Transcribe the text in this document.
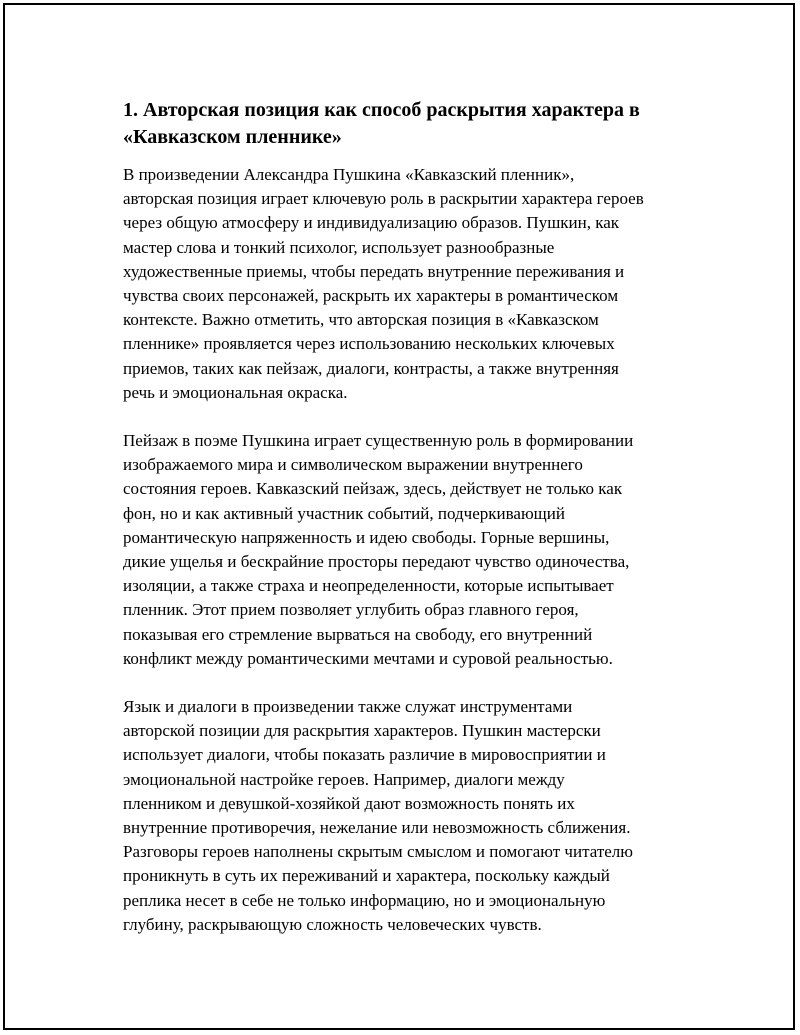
1. Авторская позиция как способ раскрытия характера в
«Кавказском пленнике»

В произведении Александра Пушкина «Кавказский пленник»,
авторская позиция играет ключевую роль в раскрытии характера героев
через общую атмосферу и индивидуализацию образов. Пушкин, как
мастер слова и тонкий психолог, использует разнообразные
художественные приемы, чтобы передать внутренние переживания и
чувства своих персонажей, раскрыть их характеры в романтическом
контексте. Важно отметить, что авторская позиция в «Кавказском
пленнике» проявляется через использованию нескольких ключевых
приемов, таких как пейзаж, диалоги, контрасты, а также внутренняя
речь и эмоциональная окраска.

Пейзаж в поэме Пушкина играет существенную роль в формировании
изображаемого мира и символическом выражении внутреннего
состояния героев. Кавказский пейзаж, здесь, действует не только как
фон, но и как активный участник событий, подчеркивающий
романтическую напряженность и идею свободы. Горные вершины,
дикие ущелья и бескрайние просторы передают чувство одиночества,
изоляции, а также страха и неопределенности, которые испытывает
пленник. Этот прием позволяет углубить образ главного героя,
показывая его стремление вырваться на свободу, его внутренний
конфликт между романтическими мечтами и суровой реальностью.

Язык и диалоги в произведении также служат инструментами
авторской позиции для раскрытия характеров. Пушкин мастерски
использует диалоги, чтобы показать различие в мировосприятии и
эмоциональной настройке героев. Например, диалоги между
пленником и девушкой-хозяйкой дают возможность понять их
внутренние противоречия, нежелание или невозможность сближения.
Разговоры героев наполнены скрытым смыслом и помогают читателю
проникнуть в суть их переживаний и характера, поскольку каждый
реплика несет в себе не только информацию, но и эмоциональную
глубину, раскрывающую сложность человеческих чувств.
